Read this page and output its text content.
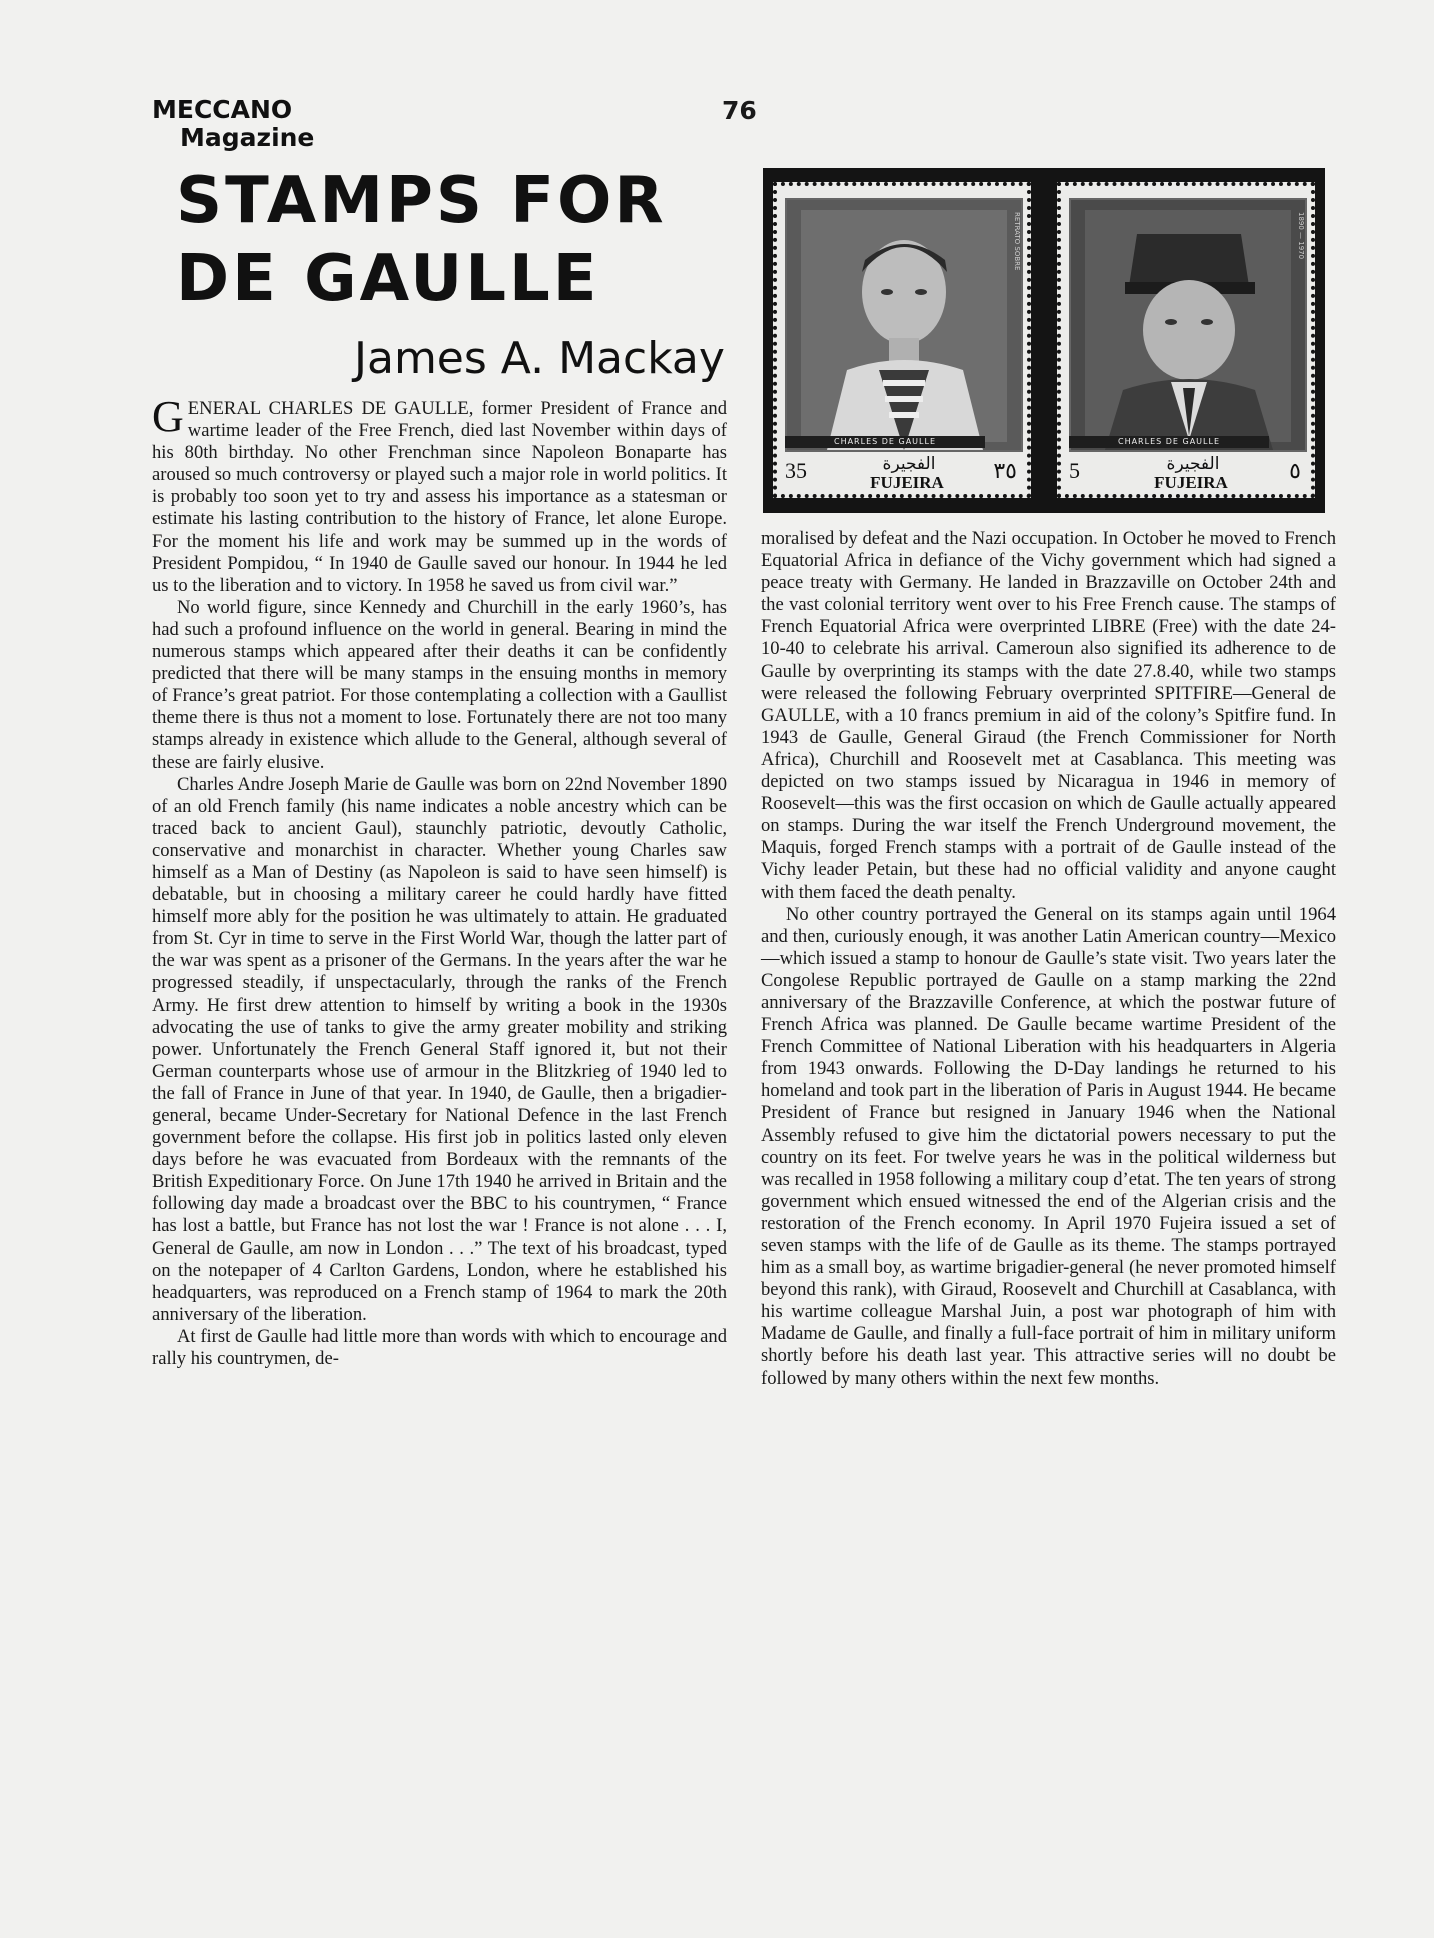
MECCANO
Magazine
76
STAMPS FOR DE GAULLE
James A. Mackay
CHARLES DE GAULLE
RETRATO SOBRE
35	٣٥
الفجيرة
FUJEIRA
CHARLES DE GAULLE
1890 — 1970
5	٥
الفجيرة
FUJEIRA

GENERAL CHARLES DE GAULLE, former President of France and wartime leader of the Free French, died last November within days of his 80th birthday. No other Frenchman since Napoleon Bonaparte has aroused so much controversy or played such a major role in world politics. It is probably too soon yet to try and assess his importance as a statesman or estimate his lasting contribution to the history of France, let alone Europe. For the moment his life and work may be summed up in the words of President Pompidou, “ In 1940 de Gaulle saved our honour. In 1944 he led us to the liberation and to victory. In 1958 he saved us from civil war.”

No world figure, since Kennedy and Churchill in the early 1960’s, has had such a profound influence on the world in general. Bearing in mind the numerous stamps which appeared after their deaths it can be confidently predicted that there will be many stamps in the ensuing months in memory of France’s great patriot. For those contemplating a collection with a Gaullist theme there is thus not a moment to lose. Fortunately there are not too many stamps already in existence which allude to the General, although several of these are fairly elusive.

Charles Andre Joseph Marie de Gaulle was born on 22nd November 1890 of an old French family (his name indicates a noble ancestry which can be traced back to ancient Gaul), staunchly patriotic, devoutly Catholic, conservative and monarchist in character. Whether young Charles saw himself as a Man of Destiny (as Napoleon is said to have seen himself) is debatable, but in choosing a military career he could hardly have fitted himself more ably for the position he was ultimately to attain. He graduated from St. Cyr in time to serve in the First World War, though the latter part of the war was spent as a prisoner of the Germans. In the years after the war he progressed steadily, if unspectacularly, through the ranks of the French Army. He first drew attention to himself by writing a book in the 1930s advocating the use of tanks to give the army greater mobility and striking power. Unfortunately the French General Staff ignored it, but not their German counterparts whose use of armour in the Blitzkrieg of 1940 led to the fall of France in June of that year. In 1940, de Gaulle, then a brigadier-general, became Under-Secretary for National Defence in the last French government before the collapse. His first job in politics lasted only eleven days before he was evacuated from Bordeaux with the remnants of the British Expeditionary Force. On June 17th 1940 he arrived in Britain and the following day made a broadcast over the BBC to his countrymen, “ France has lost a battle, but France has not lost the war ! France is not alone . . . I, General de Gaulle, am now in London . . .” The text of his broadcast, typed on the notepaper of 4 Carlton Gardens, London, where he established his headquarters, was reproduced on a French stamp of 1964 to mark the 20th anniversary of the liberation.

At first de Gaulle had little more than words with which to encourage and rally his countrymen, de-

moralised by defeat and the Nazi occupation. In October he moved to French Equatorial Africa in defiance of the Vichy government which had signed a peace treaty with Germany. He landed in Brazzaville on October 24th and the vast colonial territory went over to his Free French cause. The stamps of French Equatorial Africa were overprinted LIBRE (Free) with the date 24-10-40 to celebrate his arrival. Cameroun also signified its adherence to de Gaulle by overprinting its stamps with the date 27.8.40, while two stamps were released the following February overprinted SPITFIRE—General de GAULLE, with a 10 francs premium in aid of the colony’s Spitfire fund. In 1943 de Gaulle, General Giraud (the French Commissioner for North Africa), Churchill and Roosevelt met at Casablanca. This meeting was depicted on two stamps issued by Nicaragua in 1946 in memory of Roosevelt—this was the first occasion on which de Gaulle actually appeared on stamps. During the war itself the French Underground movement, the Maquis, forged French stamps with a portrait of de Gaulle instead of the Vichy leader Petain, but these had no official validity and anyone caught with them faced the death penalty.

No other country portrayed the General on its stamps again until 1964 and then, curiously enough, it was another Latin American country—Mexico—which issued a stamp to honour de Gaulle’s state visit. Two years later the Congolese Republic portrayed de Gaulle on a stamp marking the 22nd anniversary of the Brazzaville Conference, at which the postwar future of French Africa was planned. De Gaulle became wartime President of the French Committee of National Liberation with his headquarters in Algeria from 1943 onwards. Following the D-Day landings he returned to his homeland and took part in the liberation of Paris in August 1944. He became President of France but resigned in January 1946 when the National Assembly refused to give him the dictatorial powers necessary to put the country on its feet. For twelve years he was in the political wilderness but was recalled in 1958 following a military coup d’etat. The ten years of strong government which ensued witnessed the end of the Algerian crisis and the restoration of the French economy. In April 1970 Fujeira issued a set of seven stamps with the life of de Gaulle as its theme. The stamps portrayed him as a small boy, as wartime brigadier-general (he never promoted himself beyond this rank), with Giraud, Roosevelt and Churchill at Casablanca, with his wartime colleague Marshal Juin, a post war photograph of him with Madame de Gaulle, and finally a full-face portrait of him in military uniform shortly before his death last year. This attractive series will no doubt be followed by many others within the next few months.
